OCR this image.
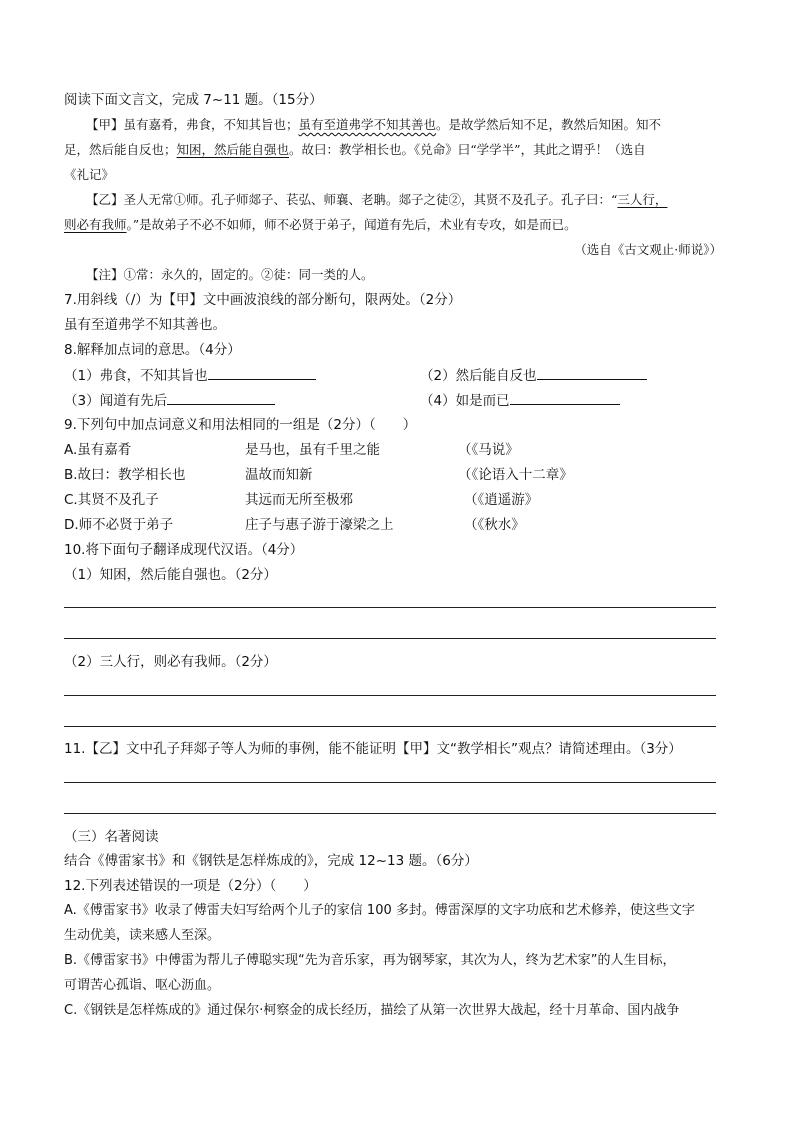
阅读下面文言文，完成 7~11 题。（15分）
【甲】虽有嘉肴，弗食，不知其旨也；虽有至道弗学不知其善也。是故学然后知不足，教然后知困。知不
足，然后能自反也；知困，然后能自强也。故曰：教学相长也。《兑命》曰“学学半”，其此之谓乎！（选自
《礼记》
【乙】圣人无常①师。孔子师郯子、苌弘、师襄、老聃。郯子之徒②，其贤不及孔子。孔子曰：“三人行，
则必有我师。”是故弟子不必不如师，师不必贤于弟子，闻道有先后，术业有专攻，如是而已。
（选自《古文观止·师说》）
【注】①常：永久的，固定的。②徒：同一类的人。
7.用斜线（/）为【甲】文中画波浪线的部分断句，限两处。（2分）
虽有至道弗学不知其善也。
8.解释加点词的意思。（4分）
（1）弗食，不知其旨也	（2）然后能自反也
（3）闻道有先后	（4）如是而已
9.下列句中加点词意义和用法相同的一组是（2分）（　　）
A.虽有嘉肴	是马也，虽有千里之能	（《马说》
B.故曰：教学相长也	温故而知新	（《论语入十二章》
C.其贤不及孔子	其远而无所至极邪	（《逍遥游》
D.师不必贤于弟子	庄子与惠子游于濠梁之上	（《秋水》
10.将下面句子翻译成现代汉语。（4分）
（1）知困，然后能自强也。（2分）
（2）三人行，则必有我师。（2分）
11.【乙】文中孔子拜郯子等人为师的事例，能不能证明【甲】文“教学相长”观点？请简述理由。（3分）
（三）名著阅读
结合《傅雷家书》和《钢铁是怎样炼成的》，完成 12~13 题。（6分）
12.下列表述错误的一项是（2分）（　　）
A.《傅雷家书》收录了傅雷夫妇写给两个儿子的家信 100 多封。傅雷深厚的文字功底和艺术修养，使这些文字
生动优美，读来感人至深。
B.《傅雷家书》中傅雷为帮儿子傅聪实现“先为音乐家，再为钢琴家，其次为人，终为艺术家”的人生目标，
可谓苦心孤诣、呕心沥血。
C.《钢铁是怎样炼成的》通过保尔·柯察金的成长经历，描绘了从第一次世界大战起，经十月革命、国内战争
